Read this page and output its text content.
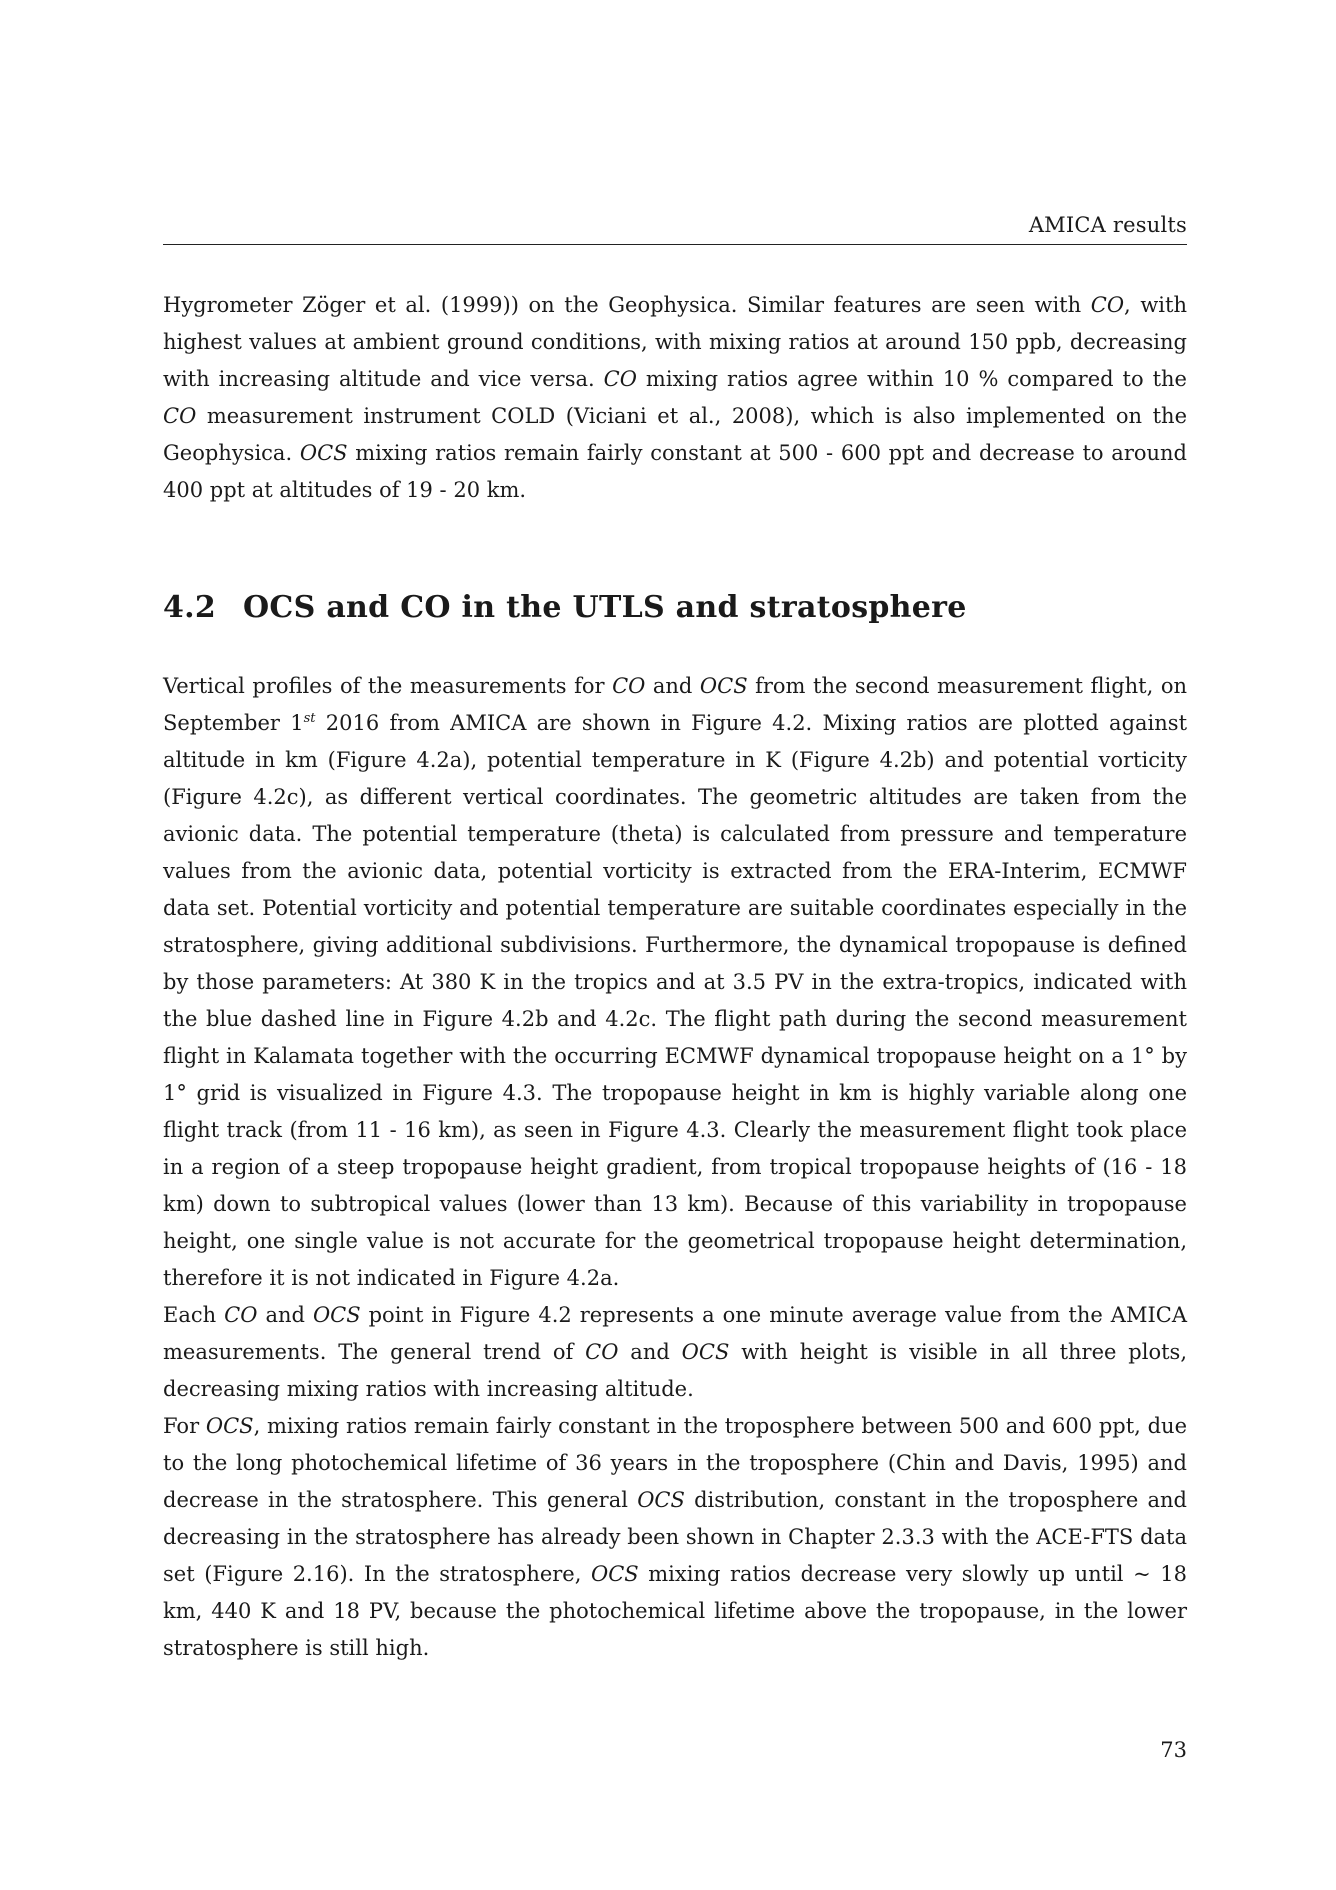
AMICA results

Hygrometer Zöger et al. (1999)) on the Geophysica. Similar features are seen with CO, with highest values at ambient ground conditions, with mixing ratios at around 150 ppb, decreasing with increasing altitude and vice versa. CO mixing ratios agree within 10 % compared to the CO measurement instrument COLD (Viciani et al., 2008), which is also implemented on the Geophysica. OCS mixing ratios remain fairly constant at 500 - 600 ppt and decrease to around 400 ppt at altitudes of 19 - 20 km.

4.2 OCS and CO in the UTLS and stratosphere

Vertical profiles of the measurements for CO and OCS from the second measurement flight, on September 1st 2016 from AMICA are shown in Figure 4.2. Mixing ratios are plotted against altitude in km (Figure 4.2a), potential temperature in K (Figure 4.2b) and potential vorticity (Figure 4.2c), as different vertical coordinates. The geometric altitudes are taken from the avionic data. The potential temperature (theta) is calculated from pressure and temperature values from the avionic data, potential vorticity is extracted from the ERA-Interim, ECMWF data set. Potential vorticity and potential temperature are suitable coordinates especially in the stratosphere, giving additional subdivisions. Furthermore, the dynamical tropopause is defined by those parameters: At 380 K in the tropics and at 3.5 PV in the extra-tropics, indicated with the blue dashed line in Figure 4.2b and 4.2c. The flight path during the second measurement flight in Kalamata together with the occurring ECMWF dynamical tropopause height on a 1° by 1° grid is visualized in Figure 4.3. The tropopause height in km is highly variable along one flight track (from 11 - 16 km), as seen in Figure 4.3. Clearly the measurement flight took place in a region of a steep tropopause height gradient, from tropical tropopause heights of (16 - 18 km) down to subtropical values (lower than 13 km). Because of this variability in tropopause height, one single value is not accurate for the geometrical tropopause height determination, therefore it is not indicated in Figure 4.2a.

Each CO and OCS point in Figure 4.2 represents a one minute average value from the AMICA measurements. The general trend of CO and OCS with height is visible in all three plots, decreasing mixing ratios with increasing altitude.

For OCS, mixing ratios remain fairly constant in the troposphere between 500 and 600 ppt, due to the long photochemical lifetime of 36 years in the troposphere (Chin and Davis, 1995) and decrease in the stratosphere. This general OCS distribution, constant in the troposphere and decreasing in the stratosphere has already been shown in Chapter 2.3.3 with the ACE-FTS data set (Figure 2.16). In the stratosphere, OCS mixing ratios decrease very slowly up until ~ 18 km, 440 K and 18 PV, because the photochemical lifetime above the tropopause, in the lower stratosphere is still high.

73
